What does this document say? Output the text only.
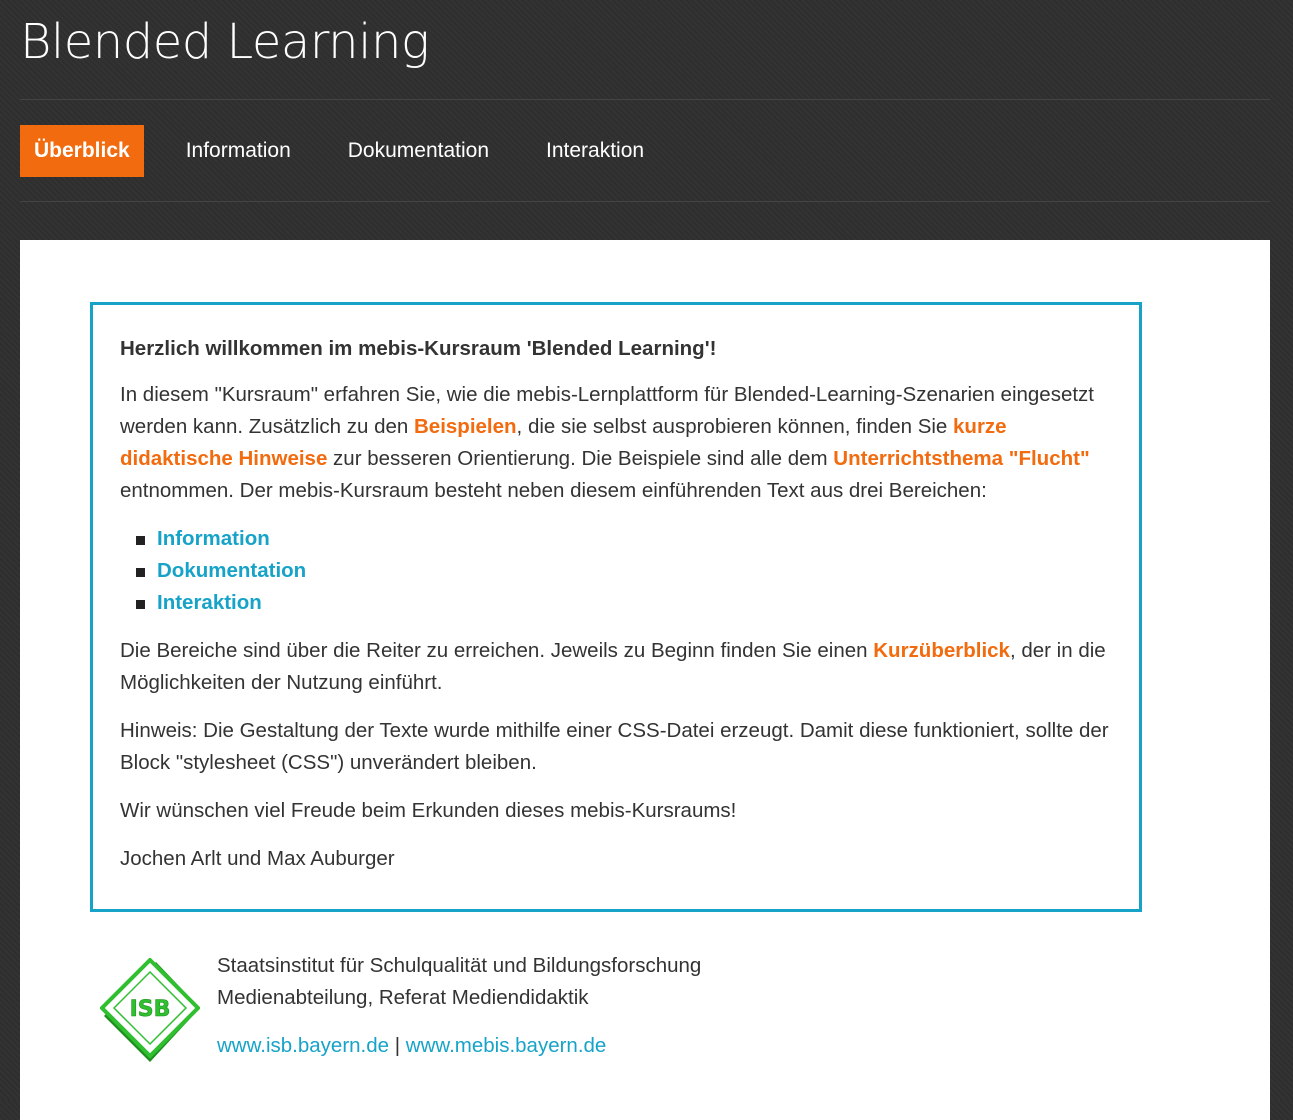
Blended Learning
Überblick	Information	Dokumentation	Interaktion

Herzlich willkommen im mebis-Kursraum 'Blended Learning'!

In diesem "Kursraum" erfahren Sie, wie die mebis-Lernplattform für Blended-Learning-Szenarien eingesetzt werden kann. Zusätzlich zu den Beispielen, die sie selbst ausprobieren können, finden Sie kurze didaktische Hinweise zur besseren Orientierung. Die Beispiele sind alle dem Unterrichtsthema "Flucht" entnommen. Der mebis-Kursraum besteht neben diesem einführenden Text aus drei Bereichen:

Information
Dokumentation
Interaktion

Die Bereiche sind über die Reiter zu erreichen. Jeweils zu Beginn finden Sie einen Kurzüberblick, der in die Möglichkeiten der Nutzung einführt.

Hinweis: Die Gestaltung der Texte wurde mithilfe einer CSS-Datei erzeugt. Damit diese funktioniert, sollte der Block "stylesheet (CSS") unverändert bleiben.

Wir wünschen viel Freude beim Erkunden dieses mebis-Kursraums!

Jochen Arlt und Max Auburger

ISB
Staatsinstitut für Schulqualität und Bildungsforschung
Medienabteilung, Referat Mediendidaktik
www.isb.bayern.de | www.mebis.bayern.de
